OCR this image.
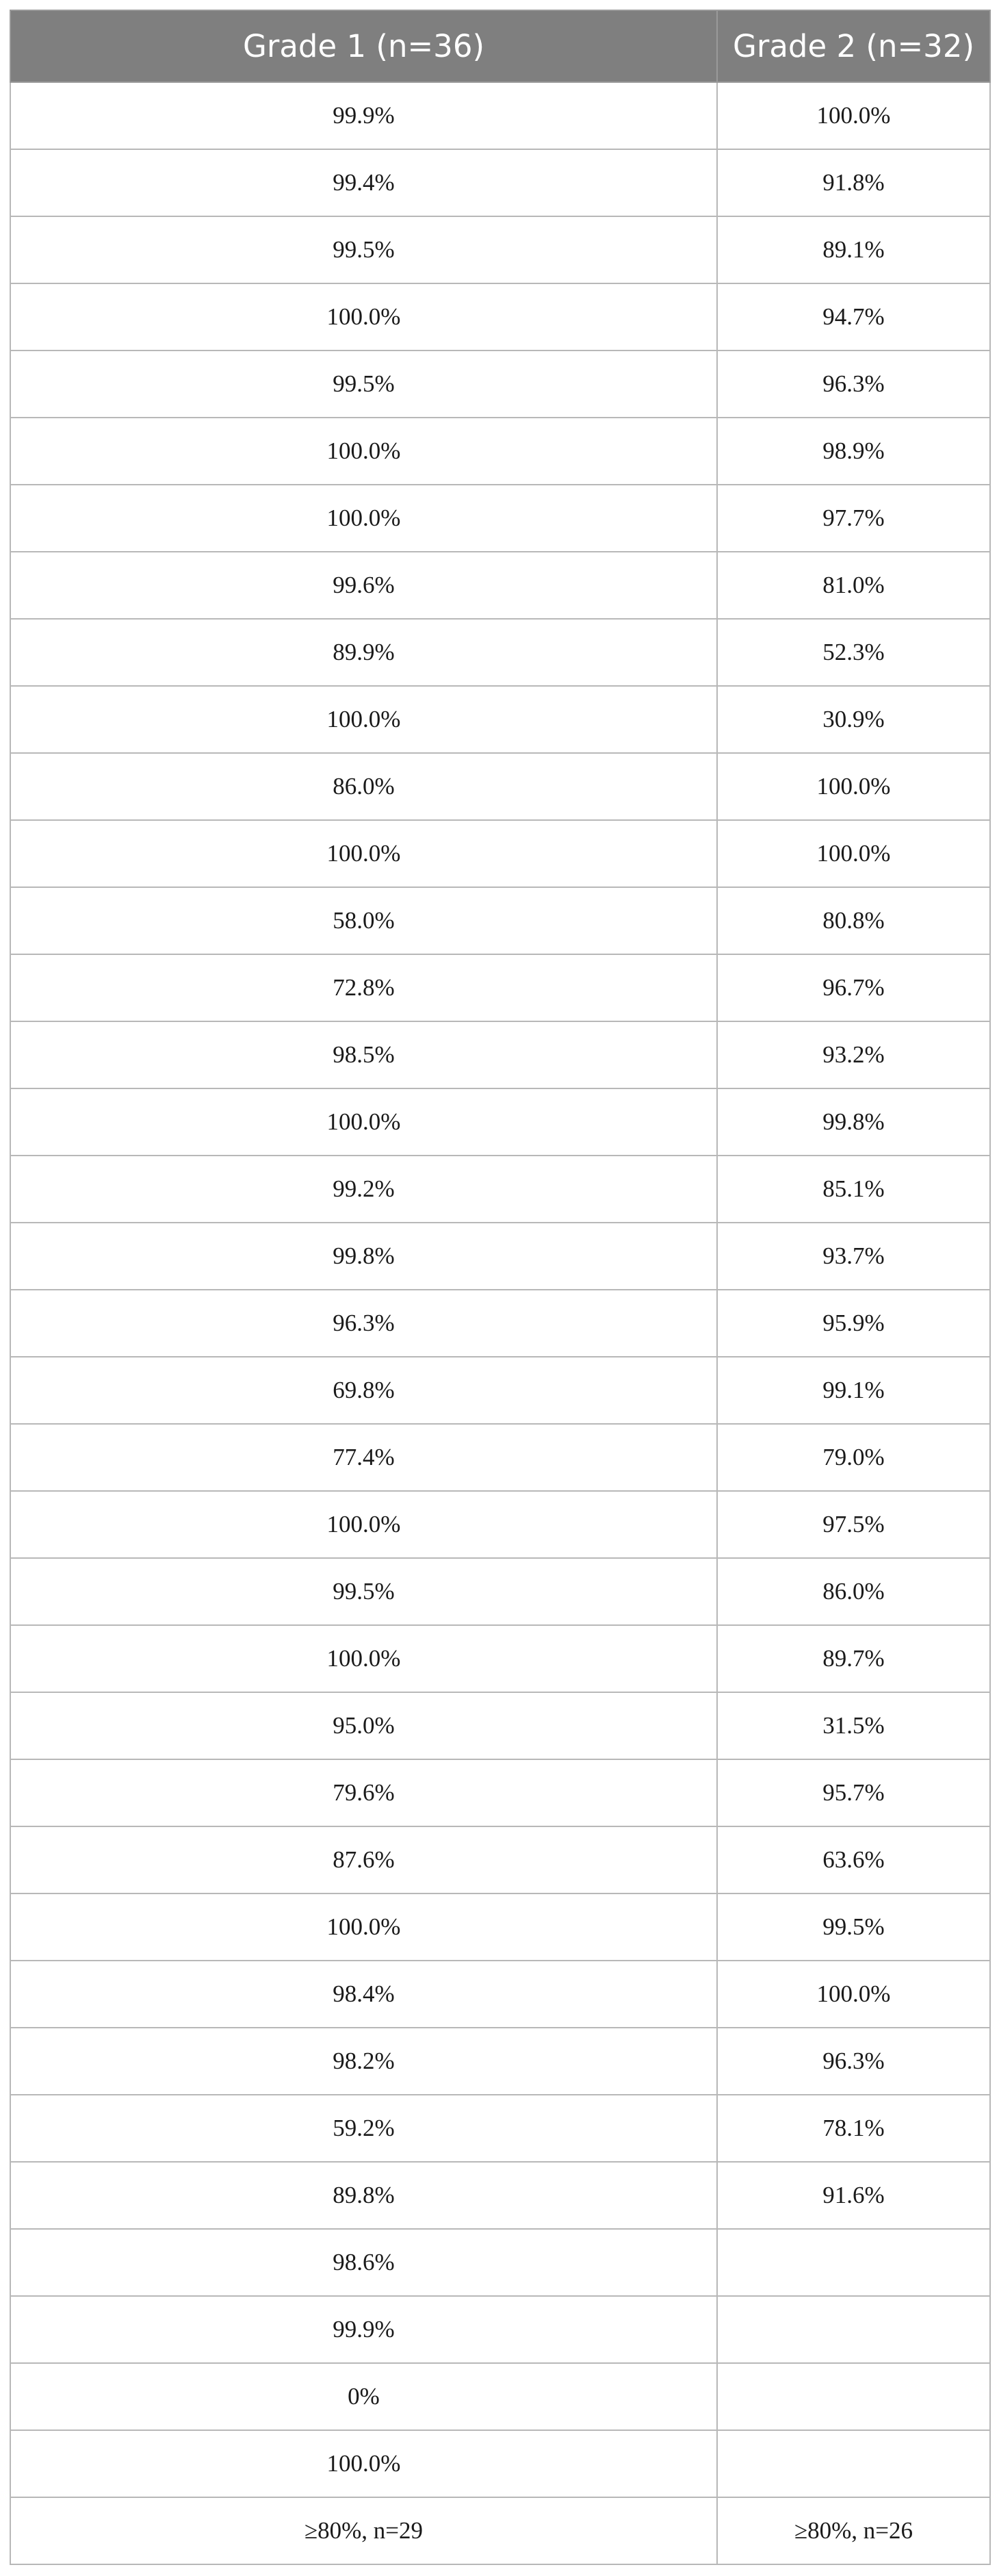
Grade 1 (n=36)	Grade 2 (n=32)
99.9%	100.0%
99.4%	91.8%
99.5%	89.1%
100.0%	94.7%
99.5%	96.3%
100.0%	98.9%
100.0%	97.7%
99.6%	81.0%
89.9%	52.3%
100.0%	30.9%
86.0%	100.0%
100.0%	100.0%
58.0%	80.8%
72.8%	96.7%
98.5%	93.2%
100.0%	99.8%
99.2%	85.1%
99.8%	93.7%
96.3%	95.9%
69.8%	99.1%
77.4%	79.0%
100.0%	97.5%
99.5%	86.0%
100.0%	89.7%
95.0%	31.5%
79.6%	95.7%
87.6%	63.6%
100.0%	99.5%
98.4%	100.0%
98.2%	96.3%
59.2%	78.1%
89.8%	91.6%
98.6%	
99.9%	
0%	
100.0%	
≥80%, n=29	≥80%, n=26
